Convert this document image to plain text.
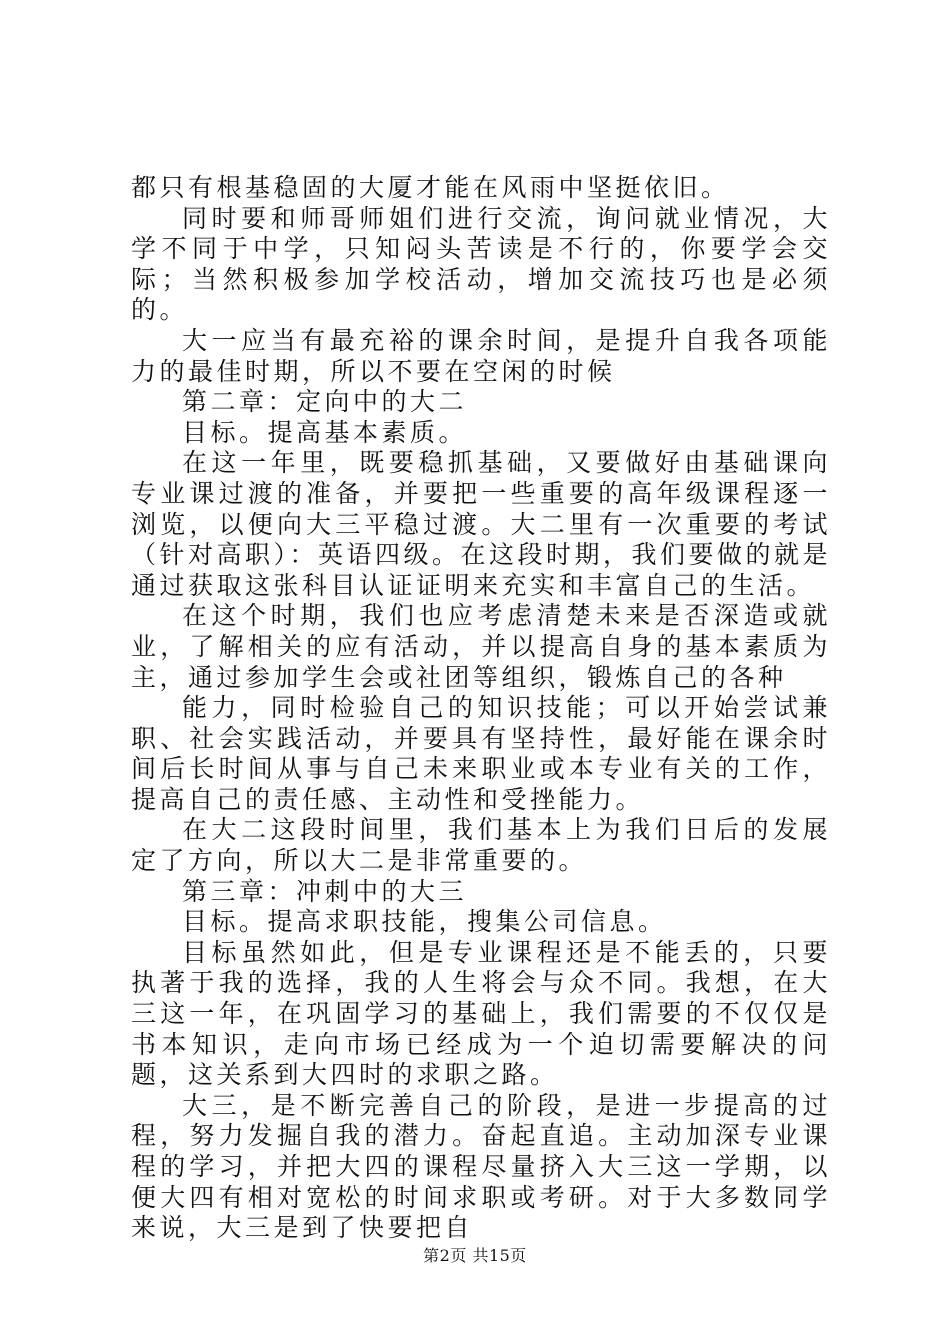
都只有根基稳固的大厦才能在风雨中坚挺依旧。

同时要和师哥师姐们进行交流，询问就业情况，大学不同于中学，只知闷头苦读是不行的，你要学会交际；当然积极参加学校活动，增加交流技巧也是必须的。

大一应当有最充裕的课余时间，是提升自我各项能力的最佳时期，所以不要在空闲的时候

第二章：定向中的大二

目标。提高基本素质。

在这一年里，既要稳抓基础，又要做好由基础课向专业课过渡的准备，并要把一些重要的高年级课程逐一浏览，以便向大三平稳过渡。大二里有一次重要的考试（针对高职）：英语四级。在这段时期，我们要做的就是通过获取这张科目认证证明来充实和丰富自己的生活。

在这个时期，我们也应考虑清楚未来是否深造或就业，了解相关的应有活动，并以提高自身的基本素质为主，通过参加学生会或社团等组织，锻炼自己的各种

能力，同时检验自己的知识技能；可以开始尝试兼职、社会实践活动，并要具有坚持性，最好能在课余时间后长时间从事与自己未来职业或本专业有关的工作，提高自己的责任感、主动性和受挫能力。

在大二这段时间里，我们基本上为我们日后的发展定了方向，所以大二是非常重要的。

第三章：冲刺中的大三

目标。提高求职技能，搜集公司信息。

目标虽然如此，但是专业课程还是不能丢的，只要执著于我的选择，我的人生将会与众不同。我想，在大三这一年，在巩固学习的基础上，我们需要的不仅仅是书本知识，走向市场已经成为一个迫切需要解决的问题，这关系到大四时的求职之路。

大三，是不断完善自己的阶段，是进一步提高的过程，努力发掘自我的潜力。奋起直追。主动加深专业课程的学习，并把大四的课程尽量挤入大三这一学期，以便大四有相对宽松的时间求职或考研。对于大多数同学来说，大三是到了快要把自

第2页 共15页
